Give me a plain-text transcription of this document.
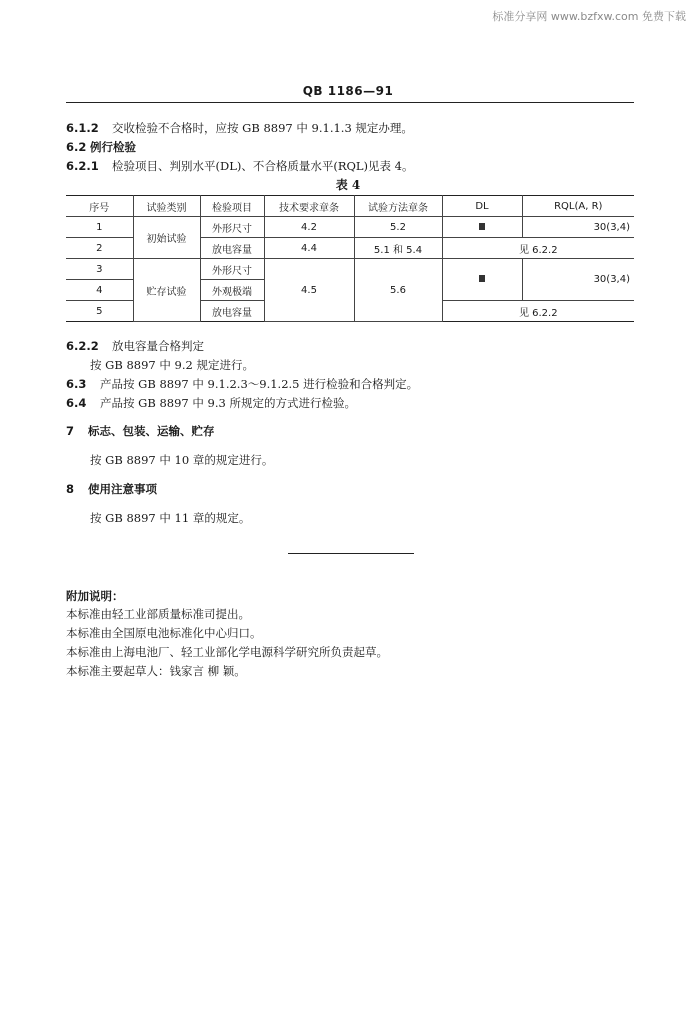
标准分享网 www.bzfxw.com 免费下载
QB 1186—91
6.1.2 交收检验不合格时，应按 GB 8897 中 9.1.1.3 规定办理。
6.2 例行检验
6.2.1 检验项目、判别水平(DL)、不合格质量水平(RQL)见表 4。
表 4
序号	试验类别	检验项目	技术要求章条	试验方法章条	DL	RQL(A, R)
1	初始试验	外形尺寸	4.2	5.2		30(3,4)
2		放电容量	4.4	5.1 和 5.4	见 6.2.2	
3	贮存试验	外形尺寸	4.5	5.6		30(3,4)
4		外观极端				
5		放电容量			见 6.2.2	
6.2.2 放电容量合格判定
按 GB 8897 中 9.2 规定进行。
6.3 产品按 GB 8897 中 9.1.2.3～9.1.2.5 进行检验和合格判定。
6.4 产品按 GB 8897 中 9.3 所规定的方式进行检验。
7 标志、包装、运输、贮存
按 GB 8897 中 10 章的规定进行。
8 使用注意事项
按 GB 8897 中 11 章的规定。
附加说明：
本标准由轻工业部质量标准司提出。
本标准由全国原电池标准化中心归口。
本标准由上海电池厂、轻工业部化学电源科学研究所负责起草。
本标准主要起草人：钱家言 柳 颖。
